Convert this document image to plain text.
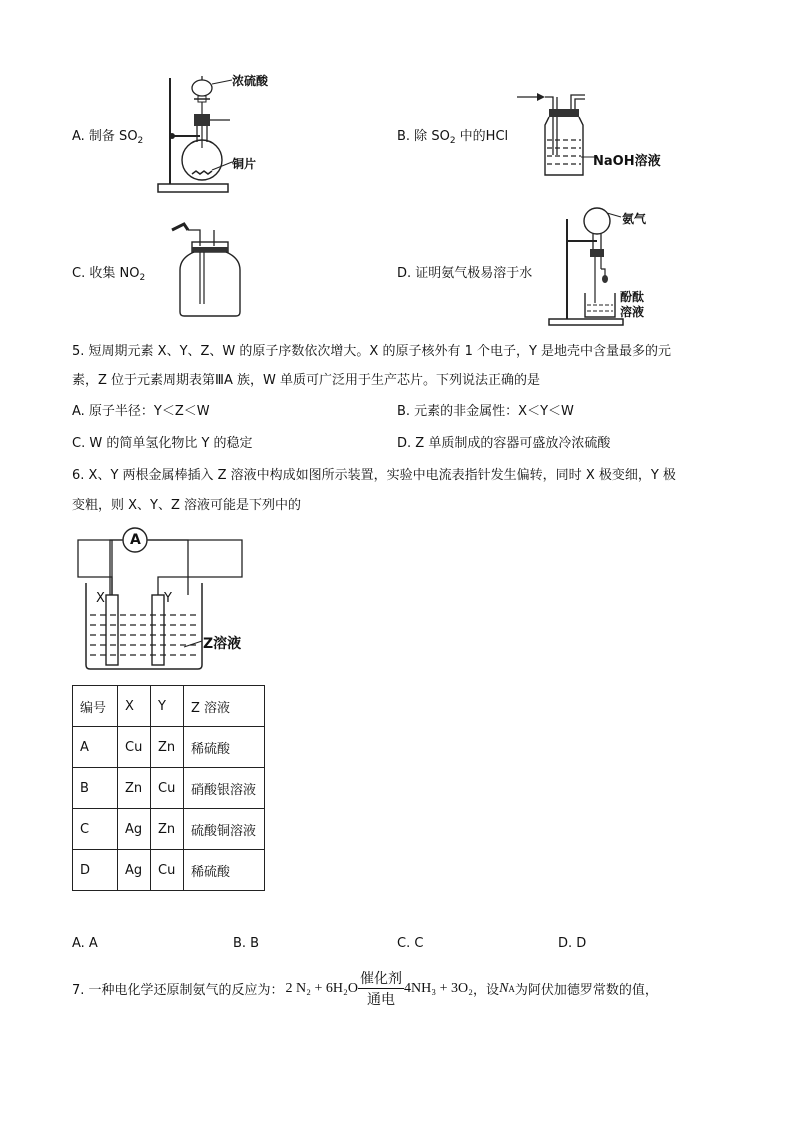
浓硫酸
铜片
A. 制备 $SO_2$
NaOH溶液
B. 除 $SO_2$ 中的HCl
C. 收集 $NO_2$
氨气
酚酞
溶液
D. 证明氨气极易溶于水
5. 短周期元素 X、Y、Z、W 的原子序数依次增大。X 的原子核外有 1 个电子，Y 是地壳中含量最多的元
素，Z 位于元素周期表第ⅢA 族，W 单质可广泛用于生产芯片。下列说法正确的是
A. 原子半径：Y＜Z＜W	B. 元素的非金属性：X＜Y＜W
C. W 的简单氢化物比 Y 的稳定	D. Z 单质制成的容器可盛放冷浓硫酸
6. X、Y 两根金属棒插入 Z 溶液中构成如图所示装置，实验中电流表指针发生偏转，同时 X 极变细，Y 极
变粗，则 X、Y、Z 溶液可能是下列中的
A
X	Y
Z溶液
编号	X	Y	Z 溶液
A	Cu	Zn	稀硫酸
B	Zn	Cu	硝酸银溶液
C	Ag	Zn	硫酸铜溶液
D	Ag	Cu	稀硫酸
A. A	B. B	C. C	D. D
7. 一种电化学还原制氨气的反应为： 2 $N_2 + 6H_2O \frac{\text{催化剂}}{\text{通电}} 4NH_3 + 3O_2$ ，设 N A 为阿伏加德罗常数的值，
